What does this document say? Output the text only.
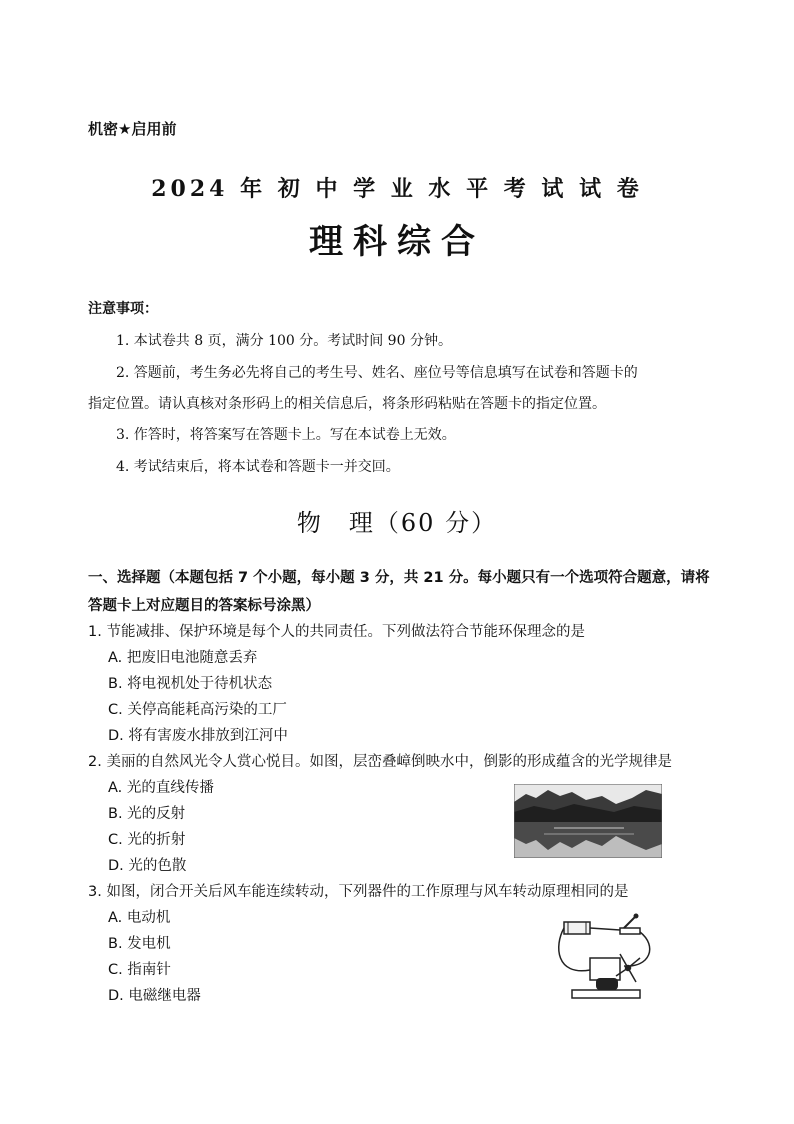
机密★启用前
2024 年 初 中 学 业 水 平 考 试 试 卷
理科综合
注意事项：
1. 本试卷共 8 页，满分 100 分。考试时间 90 分钟。
2. 答题前，考生务必先将自己的考生号、姓名、座位号等信息填写在试卷和答题卡的
指定位置。请认真核对条形码上的相关信息后，将条形码粘贴在答题卡的指定位置。
3. 作答时，将答案写在答题卡上。写在本试卷上无效。
4. 考试结束后，将本试卷和答题卡一并交回。
物　理（60 分）
一、选择题（本题包括 7 个小题，每小题 3 分，共 21 分。每小题只有一个选项符合题意，请将
答题卡上对应题目的答案标号涂黑）
1. 节能减排、保护环境是每个人的共同责任。下列做法符合节能环保理念的是
A. 把废旧电池随意丢弃
B. 将电视机处于待机状态
C. 关停高能耗高污染的工厂
D. 将有害废水排放到江河中
2. 美丽的自然风光令人赏心悦目。如图，层峦叠嶂倒映水中，倒影的形成蕴含的光学规律是
A. 光的直线传播
B. 光的反射
C. 光的折射
D. 光的色散
3. 如图，闭合开关后风车能连续转动，下列器件的工作原理与风车转动原理相同的是
A. 电动机
B. 发电机
C. 指南针
D. 电磁继电器
